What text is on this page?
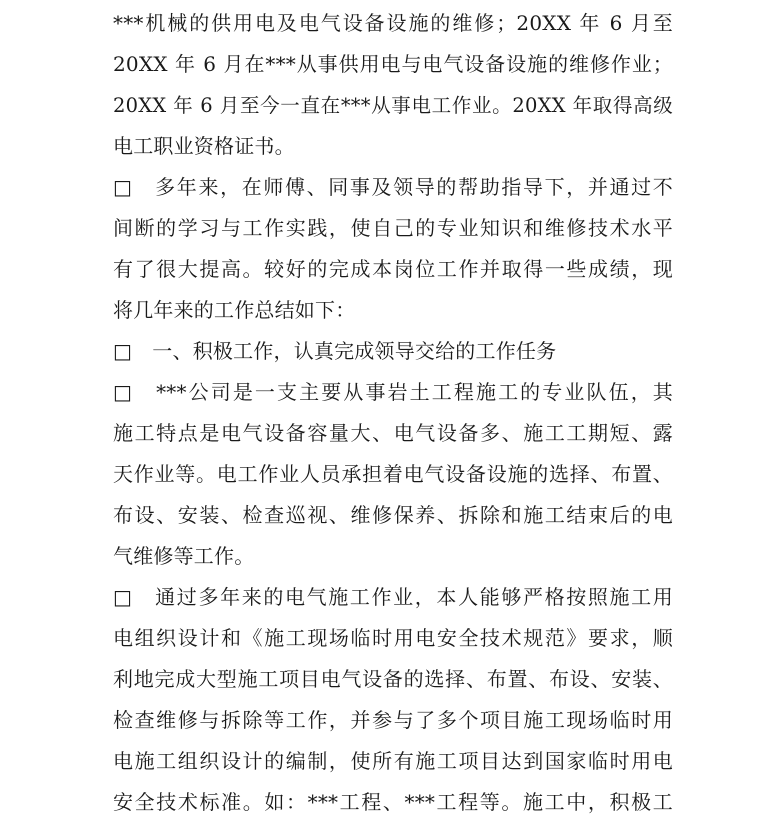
***机械的供用电及电气设备设施的维修；20XX 年 6 月至
20XX 年 6 月在***从事供用电与电气设备设施的维修作业；
20XX 年 6 月至今一直在***从事电工作业。20XX 年取得高级
电工职业资格证书。
□　多年来，在师傅、同事及领导的帮助指导下，并通过不
间断的学习与工作实践，使自己的专业知识和维修技术水平
有了很大提高。较好的完成本岗位工作并取得一些成绩，现
将几年来的工作总结如下：
□　一、积极工作，认真完成领导交给的工作任务
□　***公司是一支主要从事岩土工程施工的专业队伍，其
施工特点是电气设备容量大、电气设备多、施工工期短、露
天作业等。电工作业人员承担着电气设备设施的选择、布置、
布设、安装、检查巡视、维修保养、拆除和施工结束后的电
气维修等工作。
□　通过多年来的电气施工作业，本人能够严格按照施工用
电组织设计和《施工现场临时用电安全技术规范》要求，顺
利地完成大型施工项目电气设备的选择、布置、布设、安装、
检查维修与拆除等工作，并参与了多个项目施工现场临时用
电施工组织设计的编制，使所有施工项目达到国家临时用电
安全技术标准。如：***工程、***工程等。施工中，积极工
